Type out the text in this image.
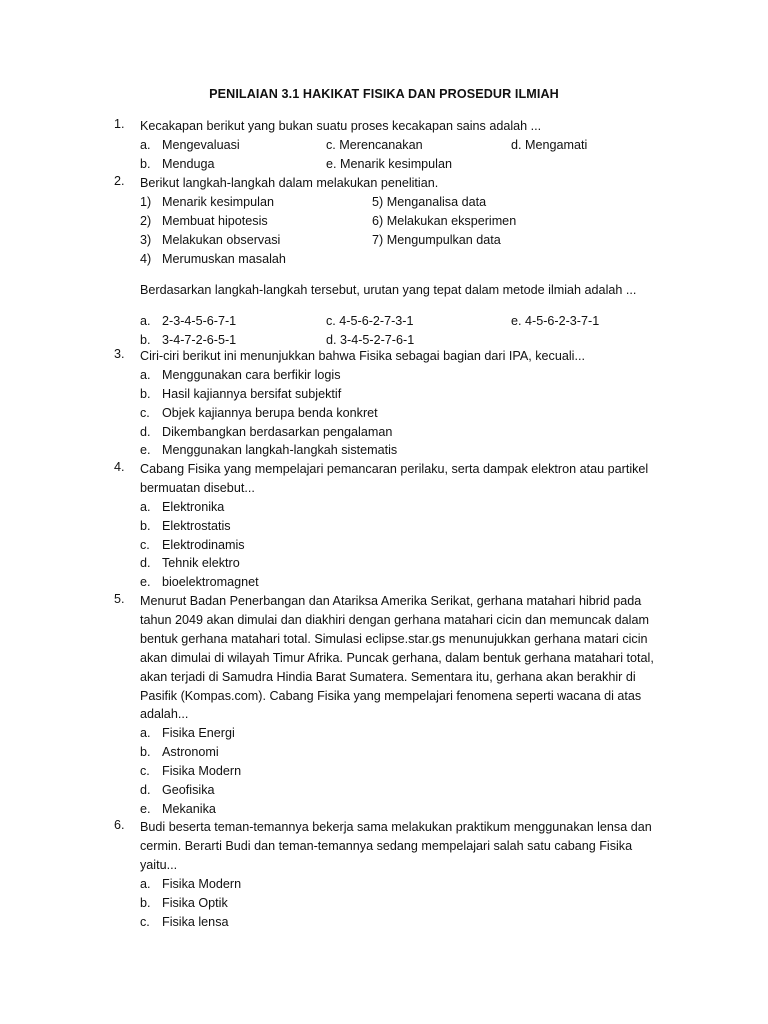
PENILAIAN 3.1 HAKIKAT FISIKA DAN PROSEDUR ILMIAH
1. Kecakapan berikut yang bukan suatu proses kecakapan sains adalah ...
a. Mengevaluasi	c. Merencanakan	d. Mengamati
b. Menduga	e. Menarik kesimpulan
2. Berikut langkah-langkah dalam melakukan penelitian.
1) Menarik kesimpulan	5) Menganalisa data
2) Membuat hipotesis	6) Melakukan eksperimen
3) Melakukan observasi	7) Mengumpulkan data
4) Merumuskan masalah
Berdasarkan langkah-langkah tersebut, urutan yang tepat dalam metode ilmiah adalah ...
a. 2-3-4-5-6-7-1	c. 4-5-6-2-7-3-1	e. 4-5-6-2-3-7-1
b. 3-4-7-2-6-5-1	d. 3-4-5-2-7-6-1
3. Ciri-ciri berikut ini menunjukkan bahwa Fisika sebagai bagian dari IPA, kecuali...
a. Menggunakan cara berfikir logis
b. Hasil kajiannya bersifat subjektif
c. Objek kajiannya berupa benda konkret
d. Dikembangkan berdasarkan pengalaman
e. Menggunakan langkah-langkah sistematis
4. Cabang Fisika yang mempelajari pemancaran perilaku, serta dampak elektron atau partikel
bermuatan disebut...
a. Elektronika
b. Elektrostatis
c. Elektrodinamis
d. Tehnik elektro
e. bioelektromagnet
5. Menurut Badan Penerbangan dan Atariksa Amerika Serikat, gerhana matahari hibrid pada
tahun 2049 akan dimulai dan diakhiri dengan gerhana matahari cicin dan memuncak dalam
bentuk gerhana matahari total. Simulasi eclipse.star.gs menunujukkan gerhana matari cicin
akan dimulai di wilayah Timur Afrika. Puncak gerhana, dalam bentuk gerhana matahari total,
akan terjadi di Samudra Hindia Barat Sumatera. Sementara itu, gerhana akan berakhir di
Pasifik (Kompas.com). Cabang Fisika yang mempelajari fenomena seperti wacana di atas
adalah...
a. Fisika Energi
b. Astronomi
c. Fisika Modern
d. Geofisika
e. Mekanika
6. Budi beserta teman-temannya bekerja sama melakukan praktikum menggunakan lensa dan
cermin. Berarti Budi dan teman-temannya sedang mempelajari salah satu cabang Fisika
yaitu...
a. Fisika Modern
b. Fisika Optik
c. Fisika lensa
